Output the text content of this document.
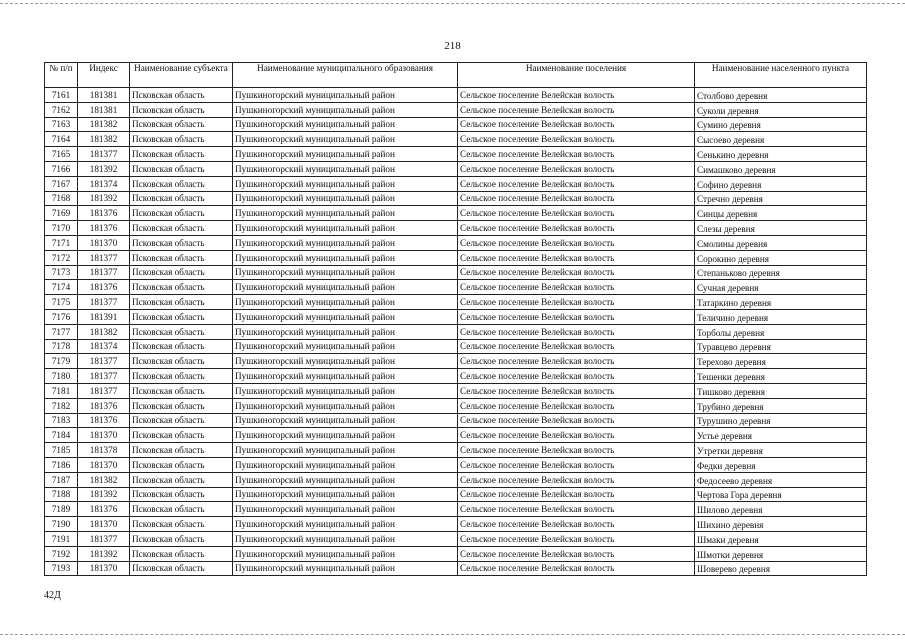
218
№ п/п	Индекс	Наименование субъекта	Наименование муниципального образования	Наименование поселения	Наименование населенного пункта
7161	181381	Псковская область	Пушкиногорский муниципальный район	Сельское поселение Велейская волость	Столбово деревня
7162	181381	Псковская область	Пушкиногорский муниципальный район	Сельское поселение Велейская волость	Суколи деревня
7163	181382	Псковская область	Пушкиногорский муниципальный район	Сельское поселение Велейская волость	Сумино деревня
7164	181382	Псковская область	Пушкиногорский муниципальный район	Сельское поселение Велейская волость	Сысоево деревня
7165	181377	Псковская область	Пушкиногорский муниципальный район	Сельское поселение Велейская волость	Сенькино деревня
7166	181392	Псковская область	Пушкиногорский муниципальный район	Сельское поселение Велейская волость	Симашково деревня
7167	181374	Псковская область	Пушкиногорский муниципальный район	Сельское поселение Велейская волость	Софино деревня
7168	181392	Псковская область	Пушкиногорский муниципальный район	Сельское поселение Велейская волость	Стречно деревня
7169	181376	Псковская область	Пушкиногорский муниципальный район	Сельское поселение Велейская волость	Синцы деревня
7170	181376	Псковская область	Пушкиногорский муниципальный район	Сельское поселение Велейская волость	Слезы деревня
7171	181370	Псковская область	Пушкиногорский муниципальный район	Сельское поселение Велейская волость	Смолины деревня
7172	181377	Псковская область	Пушкиногорский муниципальный район	Сельское поселение Велейская волость	Сорокино деревня
7173	181377	Псковская область	Пушкиногорский муниципальный район	Сельское поселение Велейская волость	Степаньково деревня
7174	181376	Псковская область	Пушкиногорский муниципальный район	Сельское поселение Велейская волость	Сучная деревня
7175	181377	Псковская область	Пушкиногорский муниципальный район	Сельское поселение Велейская волость	Татаркино деревня
7176	181391	Псковская область	Пушкиногорский муниципальный район	Сельское поселение Велейская волость	Теличино деревня
7177	181382	Псковская область	Пушкиногорский муниципальный район	Сельское поселение Велейская волость	Торболы деревня
7178	181374	Псковская область	Пушкиногорский муниципальный район	Сельское поселение Велейская волость	Туравцево деревня
7179	181377	Псковская область	Пушкиногорский муниципальный район	Сельское поселение Велейская волость	Терехово деревня
7180	181377	Псковская область	Пушкиногорский муниципальный район	Сельское поселение Велейская волость	Тешенки деревня
7181	181377	Псковская область	Пушкиногорский муниципальный район	Сельское поселение Велейская волость	Тишково деревня
7182	181376	Псковская область	Пушкиногорский муниципальный район	Сельское поселение Велейская волость	Трубино деревня
7183	181376	Псковская область	Пушкиногорский муниципальный район	Сельское поселение Велейская волость	Турушино деревня
7184	181370	Псковская область	Пушкиногорский муниципальный район	Сельское поселение Велейская волость	Устье деревня
7185	181378	Псковская область	Пушкиногорский муниципальный район	Сельское поселение Велейская волость	Утретки деревня
7186	181370	Псковская область	Пушкиногорский муниципальный район	Сельское поселение Велейская волость	Федки деревня
7187	181382	Псковская область	Пушкиногорский муниципальный район	Сельское поселение Велейская волость	Федосеево деревня
7188	181392	Псковская область	Пушкиногорский муниципальный район	Сельское поселение Велейская волость	Чертова Гора деревня
7189	181376	Псковская область	Пушкиногорский муниципальный район	Сельское поселение Велейская волость	Шилово деревня
7190	181370	Псковская область	Пушкиногорский муниципальный район	Сельское поселение Велейская волость	Шихино деревня
7191	181377	Псковская область	Пушкиногорский муниципальный район	Сельское поселение Велейская волость	Шмаки деревня
7192	181392	Псковская область	Пушкиногорский муниципальный район	Сельское поселение Велейская волость	Шмотки деревня
7193	181370	Псковская область	Пушкиногорский муниципальный район	Сельское поселение Велейская волость	Шоверево деревня
42Д
